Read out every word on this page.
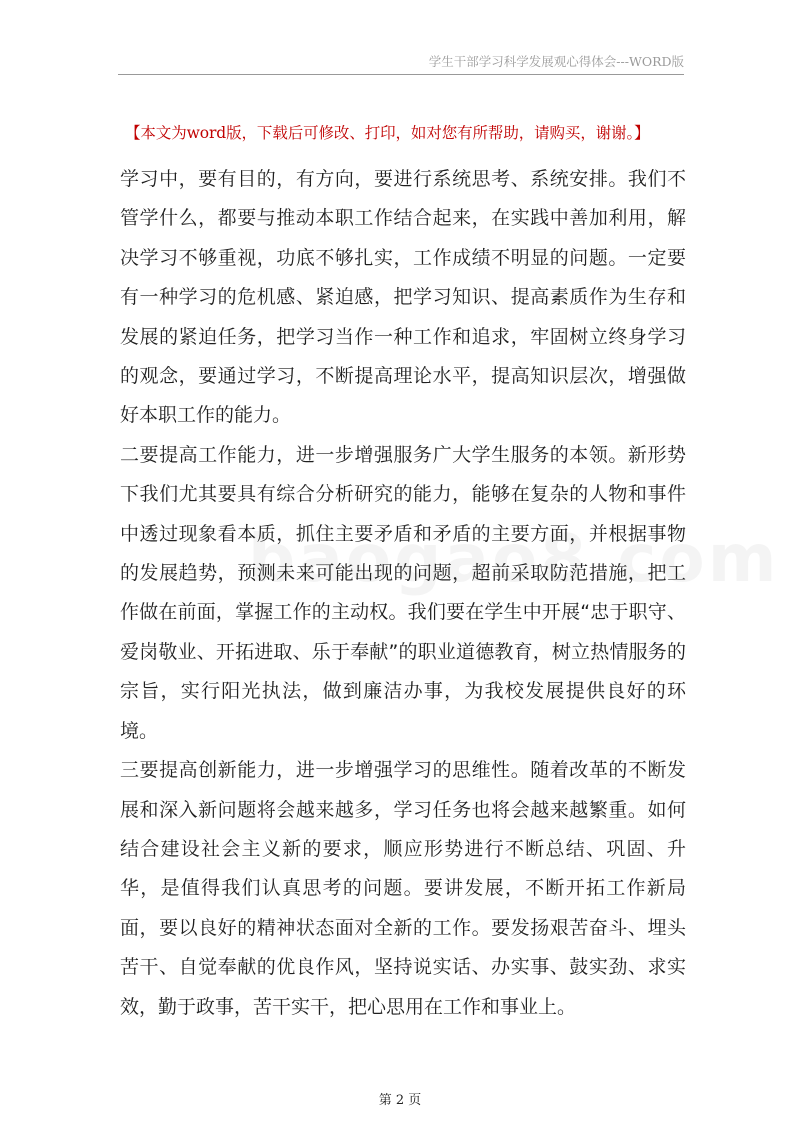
学生干部学习科学发展观心得体会---WORD版
【本文为word版，下载后可修改、打印，如对您有所帮助，请购买，谢谢。】

学习中，要有目的，有方向，要进行系统思考、系统安排。我们不管学什么，都要与推动本职工作结合起来，在实践中善加利用，解决学习不够重视，功底不够扎实，工作成绩不明显的问题。一定要有一种学习的危机感、紧迫感，把学习知识、提高素质作为生存和发展的紧迫任务，把学习当作一种工作和追求，牢固树立终身学习的观念，要通过学习，不断提高理论水平，提高知识层次，增强做好本职工作的能力。

二要提高工作能力，进一步增强服务广大学生服务的本领。新形势下我们尤其要具有综合分析研究的能力，能够在复杂的人物和事件中透过现象看本质，抓住主要矛盾和矛盾的主要方面，并根据事物的发展趋势，预测未来可能出现的问题，超前采取防范措施，把工作做在前面，掌握工作的主动权。我们要在学生中开展“忠于职守、爱岗敬业、开拓进取、乐于奉献”的职业道德教育，树立热情服务的宗旨，实行阳光执法，做到廉洁办事，为我校发展提供良好的环境。

三要提高创新能力，进一步增强学习的思维性。随着改革的不断发展和深入新问题将会越来越多，学习任务也将会越来越繁重。如何结合建设社会主义新的要求，顺应形势进行不断总结、巩固、升华，是值得我们认真思考的问题。要讲发展，不断开拓工作新局面，要以良好的精神状态面对全新的工作。要发扬艰苦奋斗、埋头苦干、自觉奉献的优良作风，坚持说实话、办实事、鼓实劲、求实效，勤于政事，苦干实干，把心思用在工作和事业上。

第 2 页
